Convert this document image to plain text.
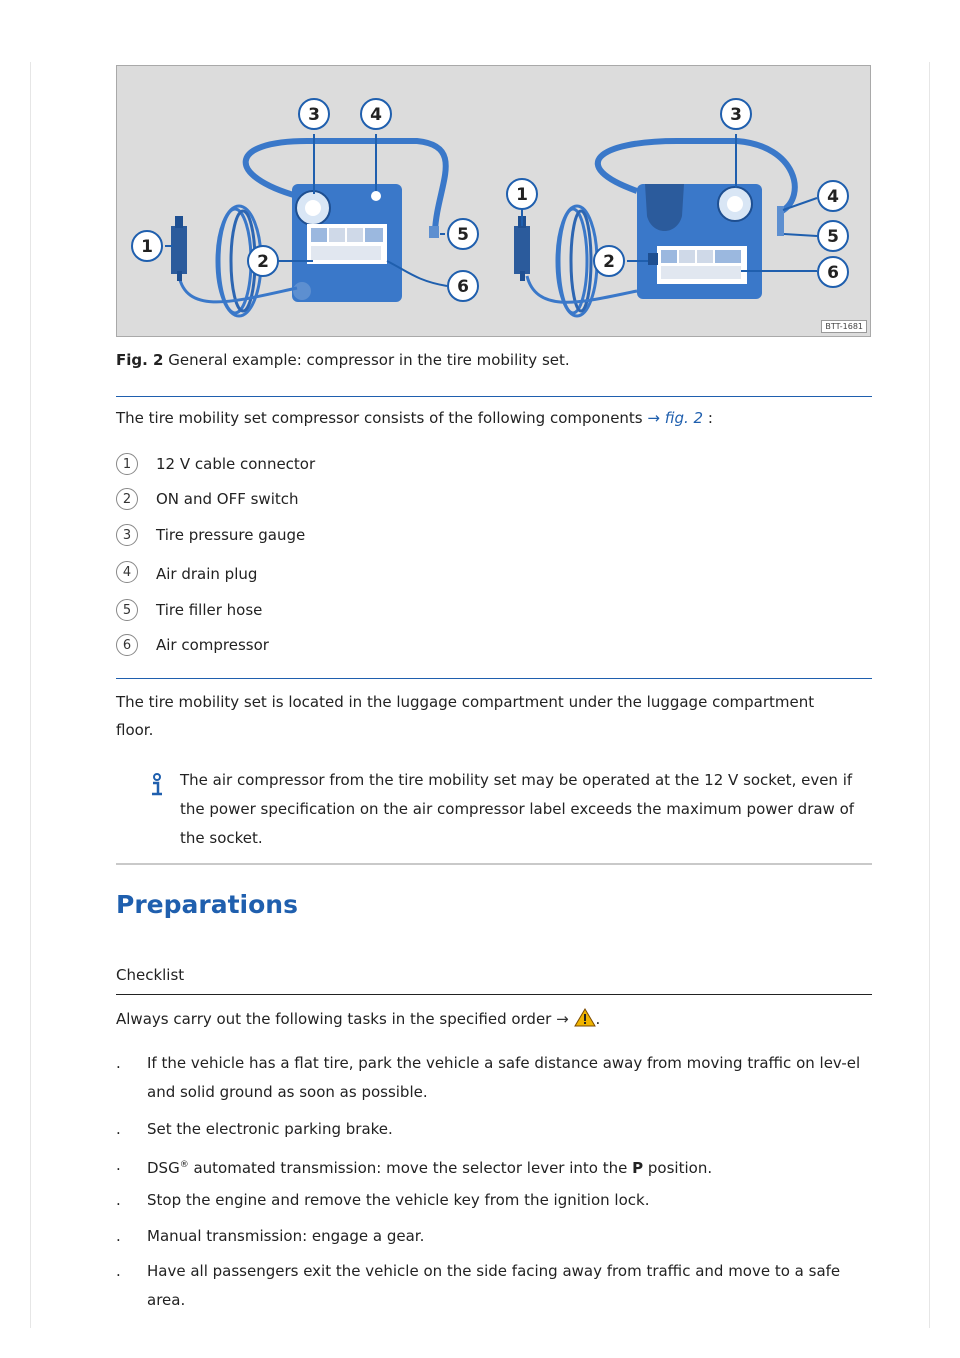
1
2
3	4
5
6
1
2
3
4
5
6
BTT-1681
Fig. 2 General example: compressor in the tire mobility set.
The tire mobility set compressor consists of the following components → fig. 2 :
1	12 V cable connector
2	ON and OFF switch
3	Tire pressure gauge
4	Air drain plug
5	Tire filler hose
6	Air compressor
The tire mobility set is located in the luggage compartment under the luggage compartment floor.
The air compressor from the tire mobility set may be operated at the 12 V socket, even if the power specification on the air compressor label exceeds the maximum power draw of the socket.
Preparations
Checklist
Always carry out the following tasks in the specified order → .
. If the vehicle has a flat tire, park the vehicle a safe distance away from moving traffic on lev-el and solid ground as soon as possible.
. Set the electronic parking brake.
. DSG® automated transmission: move the selector lever into the P position.
. Stop the engine and remove the vehicle key from the ignition lock.
. Manual transmission: engage a gear.
. Have all passengers exit the vehicle on the side facing away from traffic and move to a safe area.
